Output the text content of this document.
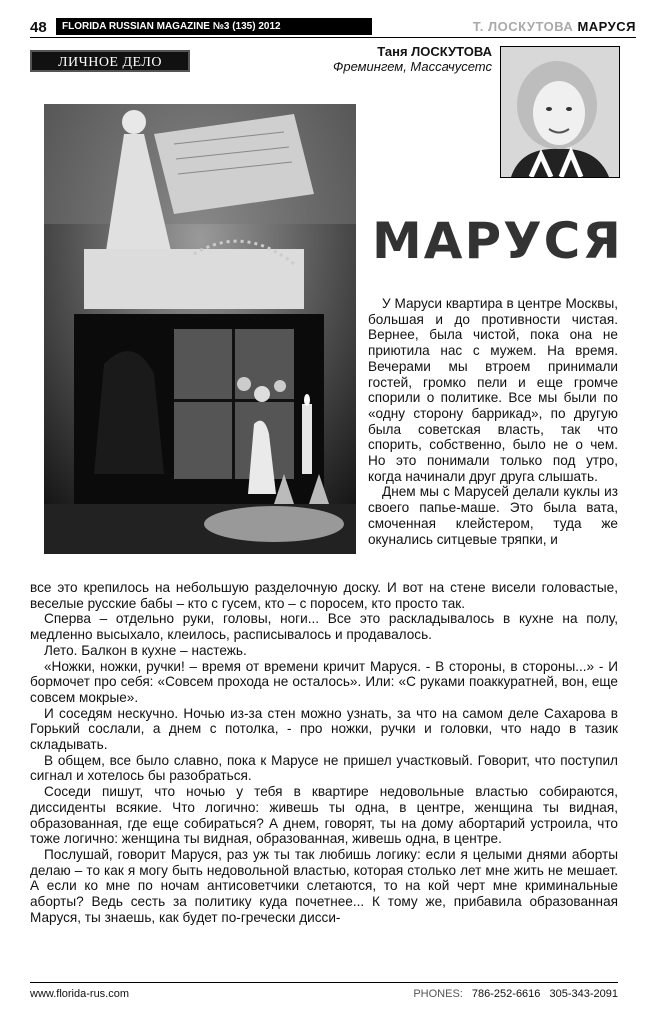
48	FLORIDA RUSSIAN MAGAZINE №3 (135) 2012	Т. ЛОСКУТОВА МАРУСЯ
ЛИЧНОЕ ДЕЛО
Таня ЛОСКУТОВА
Фремингем, Массачусетс
МАРУСЯ

У Маруси квартира в центре Москвы, большая и до противности чистая. Вернее, была чистой, пока она не приютила нас с мужем. На время. Вечерами мы втроем принимали гостей, громко пели и еще громче спорили о политике. Все мы были по «одну сторону баррикад», по другую была советская власть, так что спорить, собственно, было не о чем. Но это понимали только под утро, когда начинали друг друга слышать.

Днем мы с Марусей делали куклы из своего папье-маше. Это была вата, смоченная клейстером, туда же окунались ситцевые тряпки, и

все это крепилось на небольшую разделочную доску. И вот на стене висели головастые, веселые русские бабы – кто с гусем, кто – с поросем, кто просто так.

Сперва – отдельно руки, головы, ноги... Все это раскладывалось в кухне на полу, медленно высыхало, клеилось, расписывалось и продавалось.

Лето. Балкон в кухне – настежь.

«Ножки, ножки, ручки! – время от времени кричит Маруся. - В стороны, в стороны...» - И бормочет про себя: «Совсем прохода не осталось». Или: «С руками поаккуратней, вон, еще совсем мокрые».

И соседям нескучно. Ночью из-за стен можно узнать, за что на самом деле Сахарова в Горький сослали, а днем с потолка, - про ножки, ручки и головки, что надо в тазик складывать.

В общем, все было славно, пока к Марусе не пришел участковый. Говорит, что поступил сигнал и хотелось бы разобраться.

Соседи пишут, что ночью у тебя в квартире недовольные властью собираются, диссиденты всякие. Что логично: живешь ты одна, в центре, женщина ты видная, образованная, где еще собираться? А днем, говорят, ты на дому абортарий устроила, что тоже логично: женщина ты видная, образованная, живешь одна, в центре.

Послушай, говорит Маруся, раз уж ты так любишь логику: если я целыми днями аборты делаю – то как я могу быть недовольной властью, которая столько лет мне жить не мешает. А если ко мне по ночам антисоветчики слетаются, то на кой черт мне криминальные аборты? Ведь сесть за политику куда почетнее... К тому же, прибавила образованная Маруся, ты знаешь, как будет по-гречески дисси-

www.florida-rus.com	PHONES: 786-252-6616 305-343-2091
